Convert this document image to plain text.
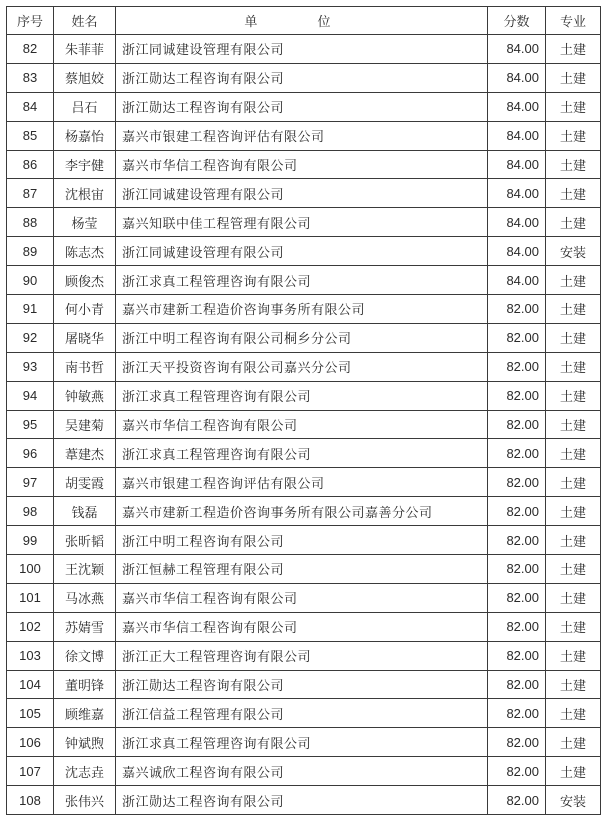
序号	姓名	单 位	分数	专业
82	朱菲菲	浙江同诚建设管理有限公司	84.00	土建
83	蔡旭姣	浙江勋达工程咨询有限公司	84.00	土建
84	吕石	浙江勋达工程咨询有限公司	84.00	土建
85	杨嘉怡	嘉兴市银建工程咨询评估有限公司	84.00	土建
86	李宇健	嘉兴市华信工程咨询有限公司	84.00	土建
87	沈根宙	浙江同诚建设管理有限公司	84.00	土建
88	杨莹	嘉兴知联中佳工程管理有限公司	84.00	土建
89	陈志杰	浙江同诚建设管理有限公司	84.00	安装
90	顾俊杰	浙江求真工程管理咨询有限公司	84.00	土建
91	何小青	嘉兴市建新工程造价咨询事务所有限公司	82.00	土建
92	屠晓华	浙江中明工程咨询有限公司桐乡分公司	82.00	土建
93	南书哲	浙江天平投资咨询有限公司嘉兴分公司	82.00	土建
94	钟敏燕	浙江求真工程管理咨询有限公司	82.00	土建
95	吴建菊	嘉兴市华信工程咨询有限公司	82.00	土建
96	葦建杰	浙江求真工程管理咨询有限公司	82.00	土建
97	胡雯霞	嘉兴市银建工程咨询评估有限公司	82.00	土建
98	钱磊	嘉兴市建新工程造价咨询事务所有限公司嘉善分公司	82.00	土建
99	张昕韬	浙江中明工程咨询有限公司	82.00	土建
100	王沈颖	浙江恒赫工程管理有限公司	82.00	土建
101	马冰燕	嘉兴市华信工程咨询有限公司	82.00	土建
102	苏婧雪	嘉兴市华信工程咨询有限公司	82.00	土建
103	徐文博	浙江正大工程管理咨询有限公司	82.00	土建
104	董明锋	浙江勋达工程咨询有限公司	82.00	土建
105	顾维嘉	浙江信益工程管理有限公司	82.00	土建
106	钟斌煦	浙江求真工程管理咨询有限公司	82.00	土建
107	沈志垚	嘉兴诚欣工程咨询有限公司	82.00	土建
108	张伟兴	浙江勋达工程咨询有限公司	82.00	安装
